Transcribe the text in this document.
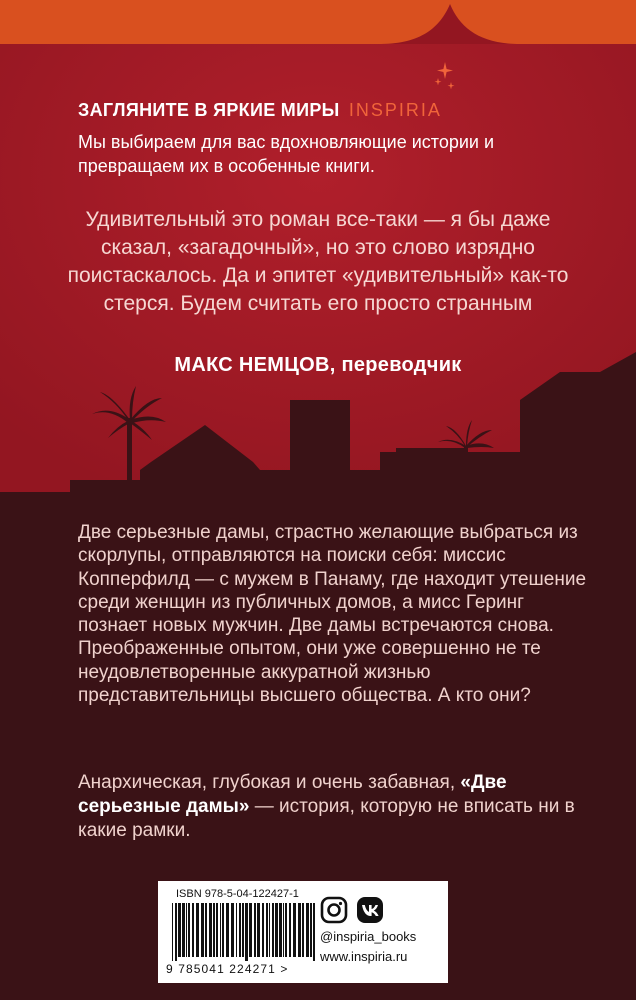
ЗАГЛЯНИТЕ В ЯРКИЕ МИРЫ INSPIRIA
Мы выбираем для вас вдохновляющие истории и превращаем их в особенные книги.
Удивительный это роман все-таки — я бы даже сказал, «загадочный», но это слово изрядно поистаскалось. Да и эпитет «удивительный» как-то стерся. Будем считать его просто странным
МАКС НЕМЦОВ, переводчик
Две серьезные дамы, страстно желающие выбраться из скорлупы, отправляются на поиски себя: миссис Копперфилд — с мужем в Панаму, где находит утешение среди женщин из публичных домов, а мисс Геринг познает новых мужчин. Две дамы встречаются снова. Преображенные опытом, они уже совершенно не те неудовлетворенные аккуратной жизнью представительницы высшего общества. А кто они?
Анархическая, глубокая и очень забавная, «Две серьезные дамы» — история, которую не вписать ни в какие рамки.
ISBN 978-5-04-122427-1
9 785041 224271 >
@inspiria_books
www.inspiria.ru
